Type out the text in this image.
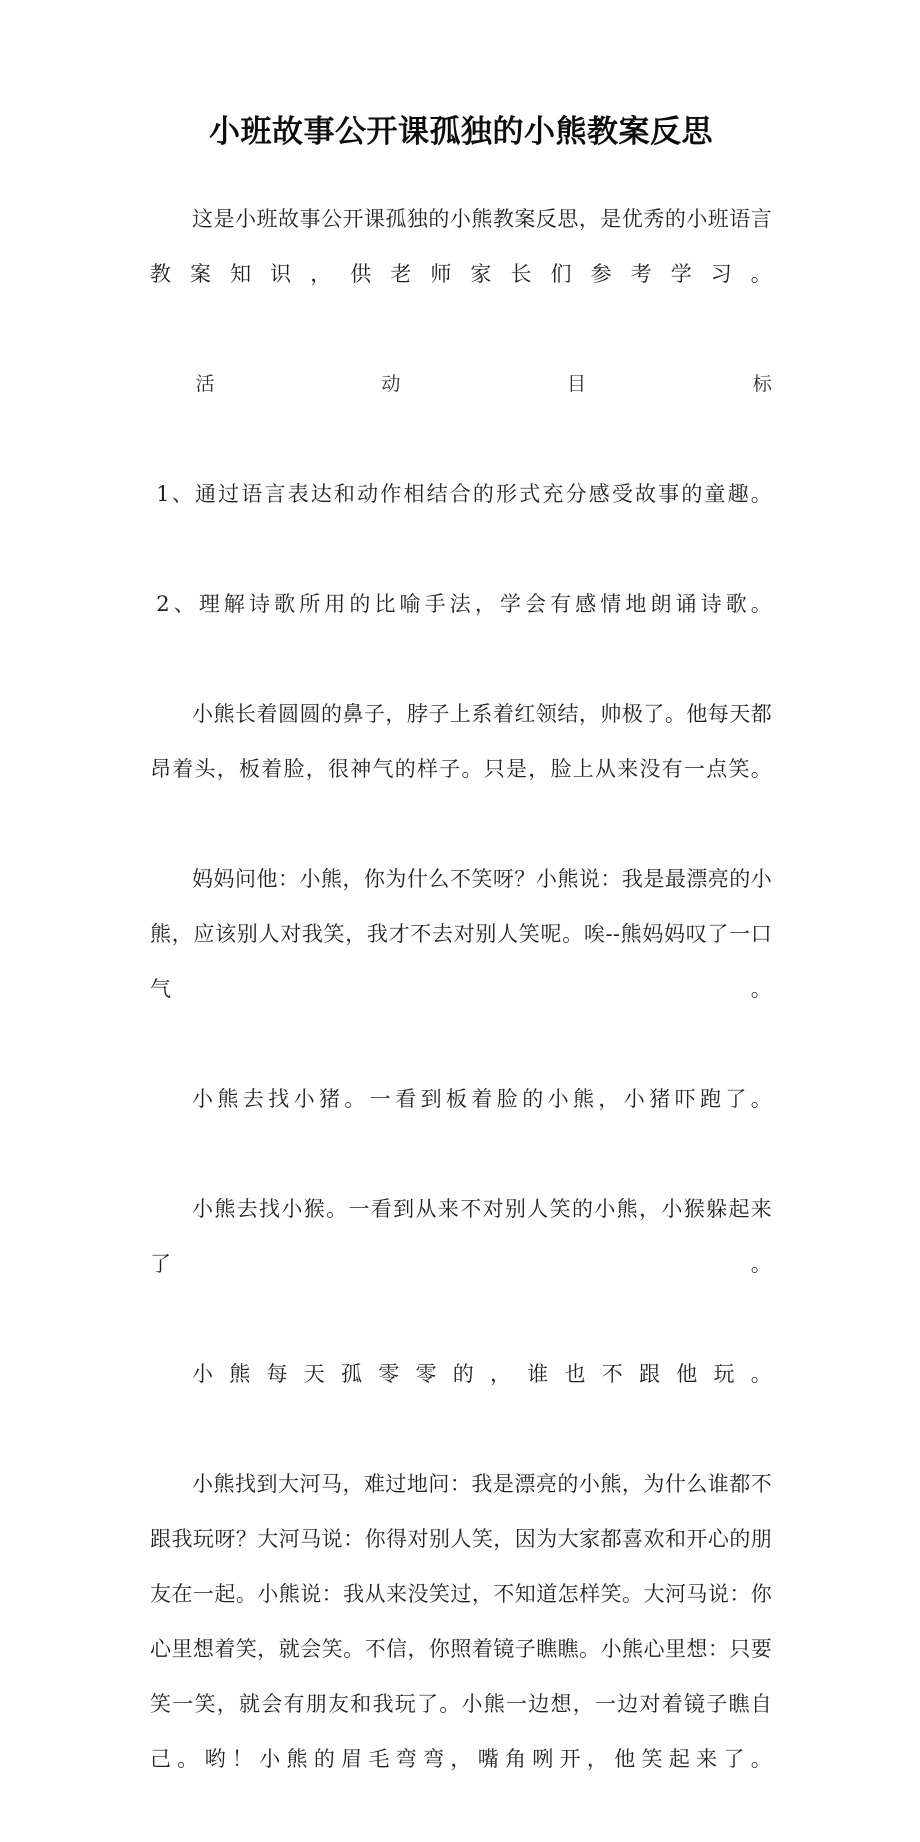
小班故事公开课孤独的小熊教案反思

这是小班故事公开课孤独的小熊教案反思，是优秀的小班语言教案知识，供老师家长们参考学习。

活动目标

1、通过语言表达和动作相结合的形式充分感受故事的童趣。

2、理解诗歌所用的比喻手法，学会有感情地朗诵诗歌。

小熊长着圆圆的鼻子，脖子上系着红领结，帅极了。他每天都昂着头，板着脸，很神气的样子。只是，脸上从来没有一点笑。

妈妈问他：小熊，你为什么不笑呀？小熊说：我是最漂亮的小熊，应该别人对我笑，我才不去对别人笑呢。唉--熊妈妈叹了一口气。

小熊去找小猪。一看到板着脸的小熊，小猪吓跑了。

小熊去找小猴。一看到从来不对别人笑的小熊，小猴躲起来了。

小熊每天孤零零的，谁也不跟他玩。

小熊找到大河马，难过地问：我是漂亮的小熊，为什么谁都不跟我玩呀？大河马说：你得对别人笑，因为大家都喜欢和开心的朋友在一起。小熊说：我从来没笑过，不知道怎样笑。大河马说：你心里想着笑，就会笑。不信，你照着镜子瞧瞧。小熊心里想：只要笑一笑，就会有朋友和我玩了。小熊一边想，一边对着镜子瞧自己。哟！小熊的眉毛弯弯，嘴角咧开，他笑起来了。
